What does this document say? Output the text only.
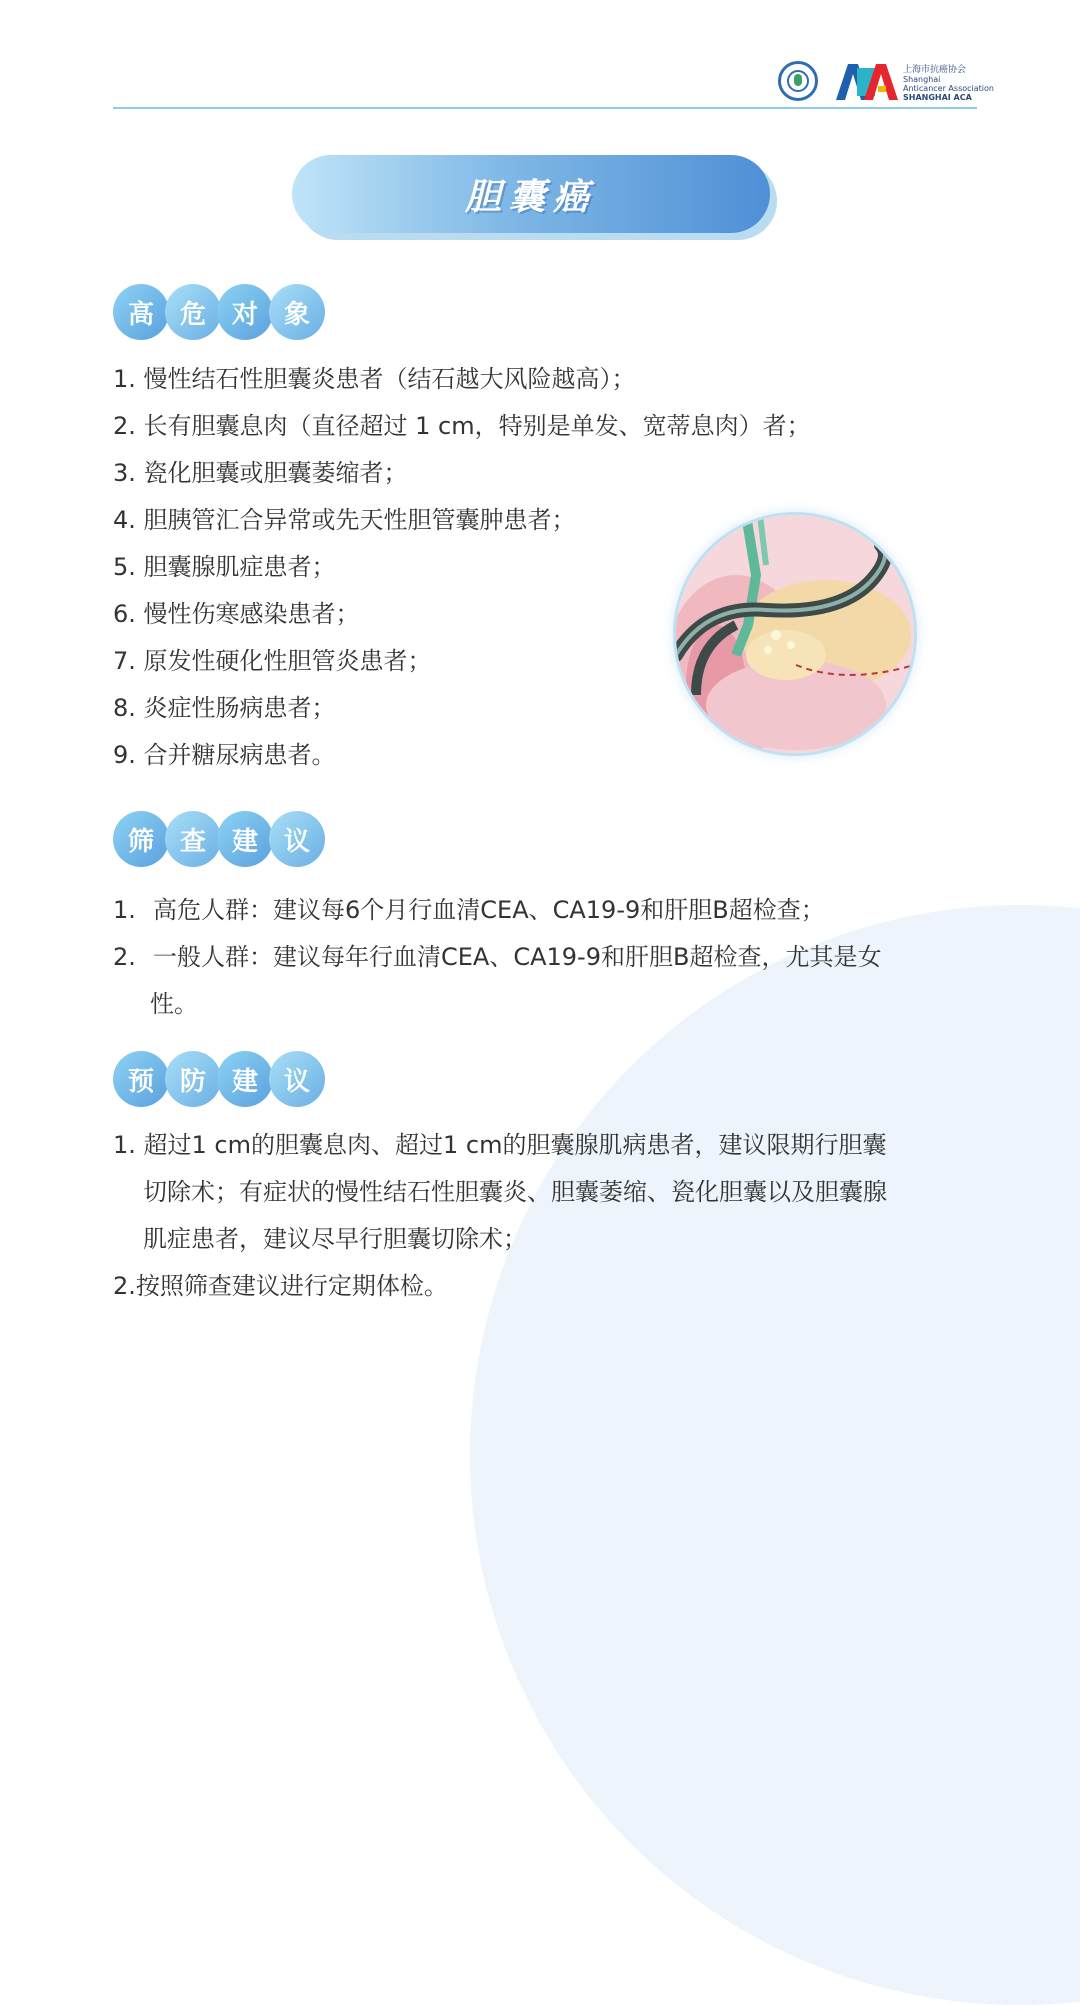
上海市抗癌协会
Shanghai
Anticancer Association
SHANGHAI ACA
胆囊癌
高 危 对 象
1. 慢性结石性胆囊炎患者（结石越大风险越高）；
2. 长有胆囊息肉（直径超过 1 cm，特别是单发、宽蒂息肉）者；
3. 瓷化胆囊或胆囊萎缩者；
4. 胆胰管汇合异常或先天性胆管囊肿患者；
5. 胆囊腺肌症患者；
6. 慢性伤寒感染患者；
7. 原发性硬化性胆管炎患者；
8. 炎症性肠病患者；
9. 合并糖尿病患者。
筛 查 建 议
1. 高危人群：建议每6个月行血清CEA、CA19-9和肝胆B超检查；
2. 一般人群：建议每年行血清CEA、CA19-9和肝胆B超检查，尤其是女
性。
预 防 建 议
1. 超过1 cm的胆囊息肉、超过1 cm的胆囊腺肌病患者，建议限期行胆囊
切除术；有症状的慢性结石性胆囊炎、胆囊萎缩、瓷化胆囊以及胆囊腺
肌症患者，建议尽早行胆囊切除术；
2.按照筛查建议进行定期体检。
